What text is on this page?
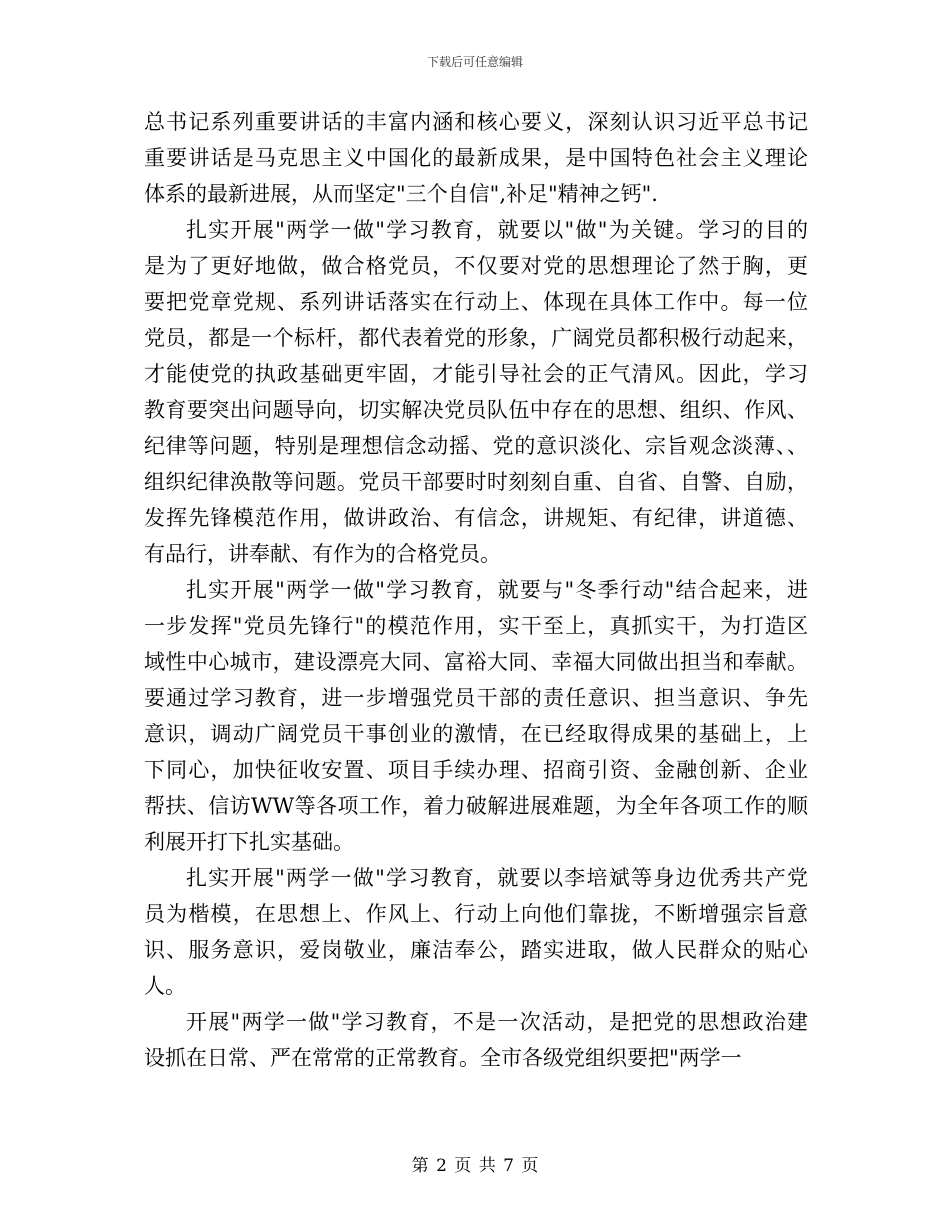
下载后可任意编辑
总书记系列重要讲话的丰富内涵和核心要义，深刻认识习近平总书记
重要讲话是马克思主义中国化的最新成果，是中国特色社会主义理论
体系的最新进展，从而坚定"三个自信",补足"精神之钙".
扎实开展"两学一做"学习教育，就要以"做"为关键。学习的目的
是为了更好地做，做合格党员，不仅要对党的思想理论了然于胸，更
要把党章党规、系列讲话落实在行动上、体现在具体工作中。每一位
党员，都是一个标杆，都代表着党的形象，广阔党员都积极行动起来，
才能使党的执政基础更牢固，才能引导社会的正气清风。因此，学习
教育要突出问题导向，切实解决党员队伍中存在的思想、组织、作风、
纪律等问题，特别是理想信念动摇、党的意识淡化、宗旨观念淡薄、、
组织纪律涣散等问题。党员干部要时时刻刻自重、自省、自警、自励，
发挥先锋模范作用，做讲政治、有信念，讲规矩、有纪律，讲道德、
有品行，讲奉献、有作为的合格党员。
扎实开展"两学一做"学习教育，就要与"冬季行动"结合起来，进
一步发挥"党员先锋行"的模范作用，实干至上，真抓实干，为打造区
域性中心城市，建设漂亮大同、富裕大同、幸福大同做出担当和奉献。
要通过学习教育，进一步增强党员干部的责任意识、担当意识、争先
意识，调动广阔党员干事创业的激情，在已经取得成果的基础上，上
下同心，加快征收安置、项目手续办理、招商引资、金融创新、企业
帮扶、信访WW等各项工作，着力破解进展难题，为全年各项工作的顺
利展开打下扎实基础。
扎实开展"两学一做"学习教育，就要以李培斌等身边优秀共产党
员为楷模，在思想上、作风上、行动上向他们靠拢，不断增强宗旨意
识、服务意识，爱岗敬业，廉洁奉公，踏实进取，做人民群众的贴心
人。
开展"两学一做"学习教育，不是一次活动，是把党的思想政治建
设抓在日常、严在常常的正常教育。全市各级党组织要把"两学一
第 2 页 共 7 页
